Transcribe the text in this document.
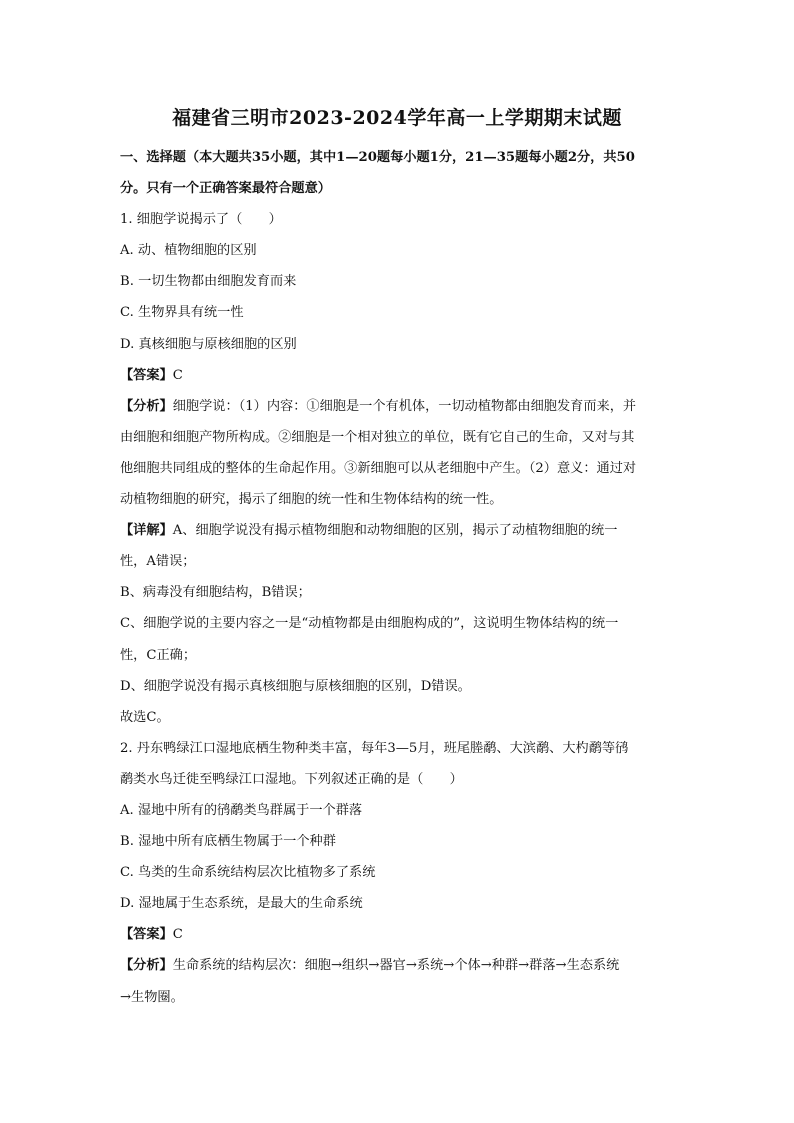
福建省三明市2023-2024学年高一上学期期末试题
一、选择题（本大题共35小题，其中1—20题每小题1分，21—35题每小题2分，共50
分。只有一个正确答案最符合题意）
1. 细胞学说揭示了（　　）
A. 动、植物细胞的区别
B. 一切生物都由细胞发育而来
C. 生物界具有统一性
D. 真核细胞与原核细胞的区别
【答案】C
【分析】细胞学说：（1）内容：①细胞是一个有机体，一切动植物都由细胞发育而来，并
由细胞和细胞产物所构成。②细胞是一个相对独立的单位，既有它自己的生命，又对与其
他细胞共同组成的整体的生命起作用。③新细胞可以从老细胞中产生。（2）意义：通过对
动植物细胞的研究，揭示了细胞的统一性和生物体结构的统一性。
【详解】A、细胞学说没有揭示植物细胞和动物细胞的区别，揭示了动植物细胞的统一
性，A错误；
B、病毒没有细胞结构，B错误；
C、细胞学说的主要内容之一是“动植物都是由细胞构成的”，这说明生物体结构的统一
性，C正确；
D、细胞学说没有揭示真核细胞与原核细胞的区别，D错误。
故选C。
2. 丹东鸭绿江口湿地底栖生物种类丰富，每年3—5月，班尾塍鹬、大滨鹬、大杓鹬等鸻
鹬类水鸟迁徙至鸭绿江口湿地。下列叙述正确的是（　　）
A. 湿地中所有的鸻鹬类鸟群属于一个群落
B. 湿地中所有底栖生物属于一个种群
C. 鸟类的生命系统结构层次比植物多了系统
D. 湿地属于生态系统，是最大的生命系统
【答案】C
【分析】生命系统的结构层次：细胞→组织→器官→系统→个体→种群→群落→生态系统
→生物圈。
